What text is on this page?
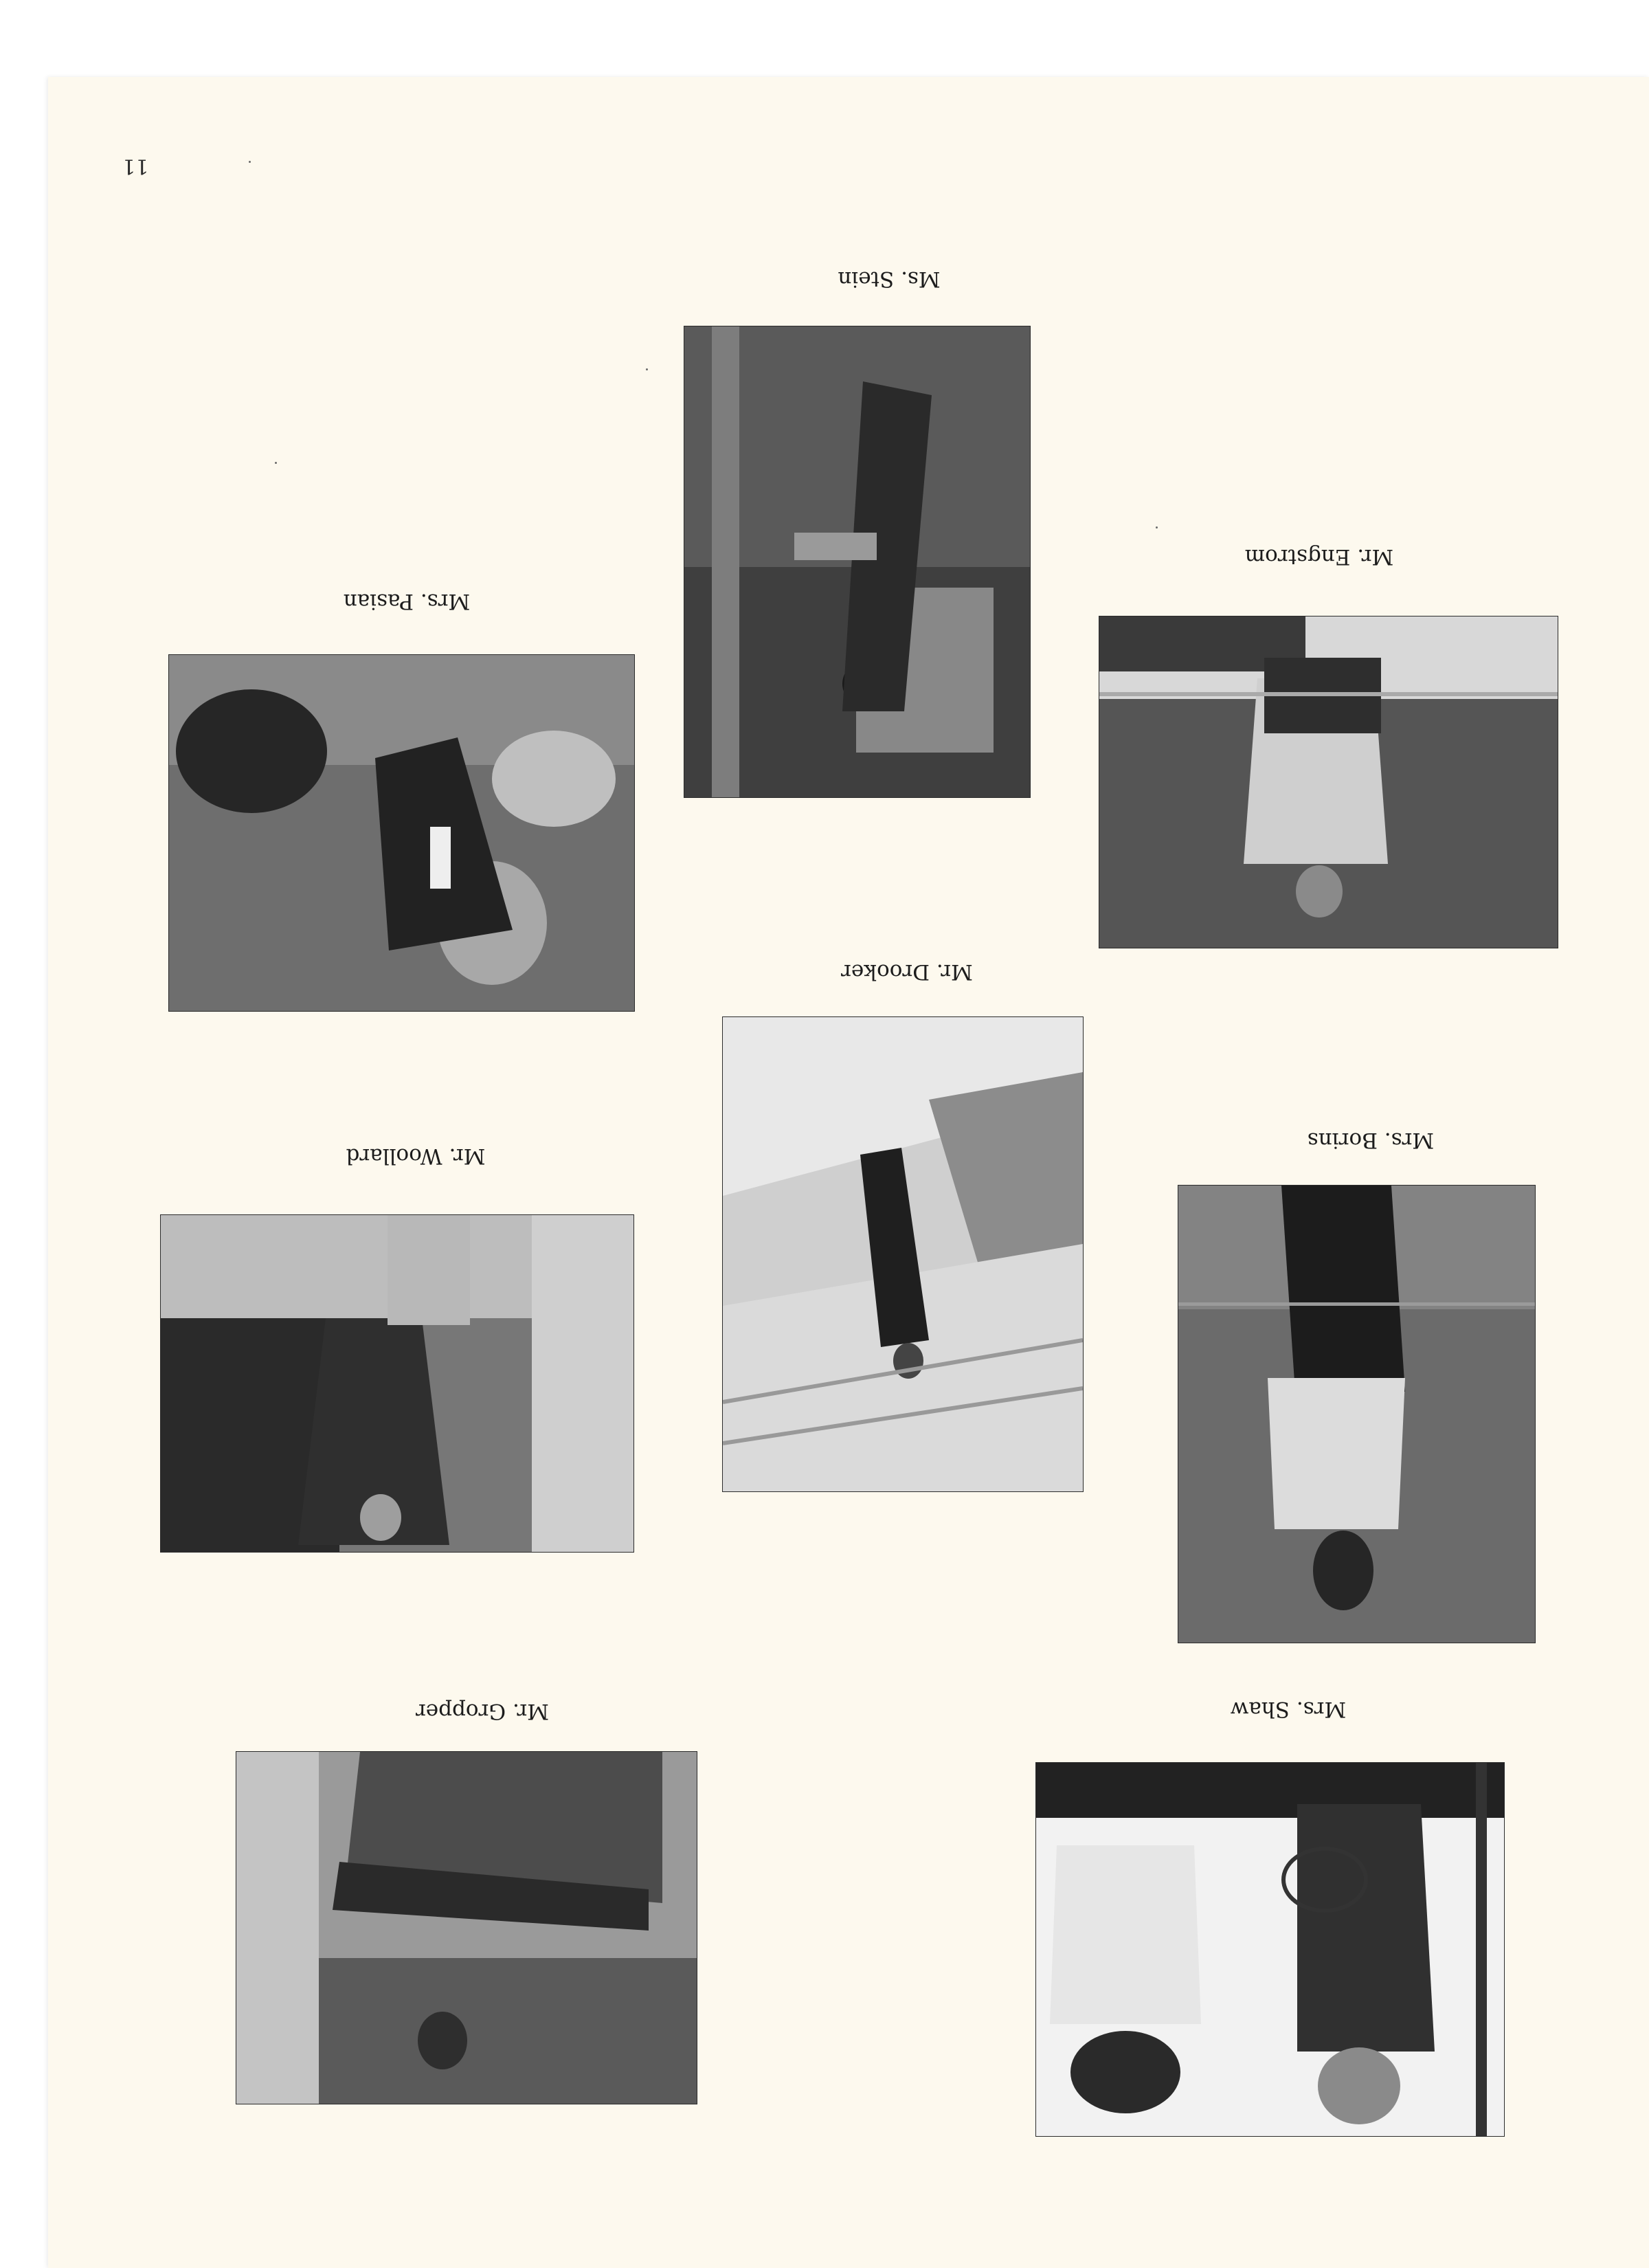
11
Ms. Stein
Mrs. Pasian
Mr. Engstrom
Mr. Drooker
Mr. Woollard
Mrs. Borins
Mr. Gropper	Mrs. Shaw
